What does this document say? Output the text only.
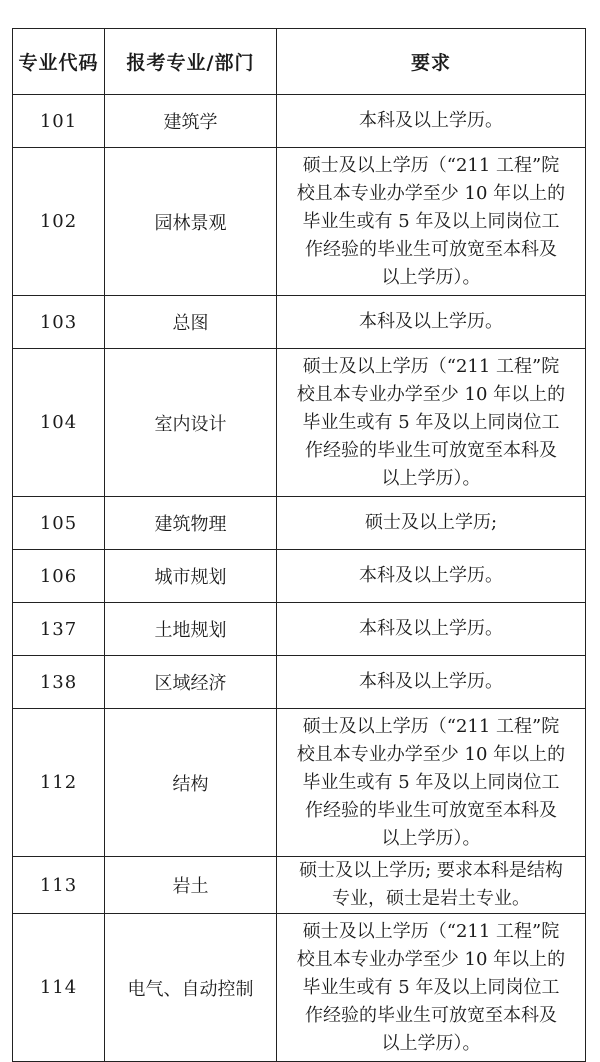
专业代码	报考专业/部门	要求
101	建筑学	本科及以上学历。

102	园林景观	硕士及以上学历（“211 工程”院
校且本专业办学至少 10 年以上的
毕业生或有 5 年及以上同岗位工
作经验的毕业生可放宽至本科及
以上学历）。

103	总图	本科及以上学历。

104	室内设计	硕士及以上学历（“211 工程”院
校且本专业办学至少 10 年以上的
毕业生或有 5 年及以上同岗位工
作经验的毕业生可放宽至本科及
以上学历）。

105	建筑物理	硕士及以上学历;

106	城市规划	本科及以上学历。

137	土地规划	本科及以上学历。

138	区域经济	本科及以上学历。

112	结构	硕士及以上学历（“211 工程”院
校且本专业办学至少 10 年以上的
毕业生或有 5 年及以上同岗位工
作经验的毕业生可放宽至本科及
以上学历）。

113	岩土	硕士及以上学历; 要求本科是结构
专业，硕士是岩土专业。

114	电气、自动控制	硕士及以上学历（“211 工程”院
校且本专业办学至少 10 年以上的
毕业生或有 5 年及以上同岗位工
作经验的毕业生可放宽至本科及
以上学历）。
